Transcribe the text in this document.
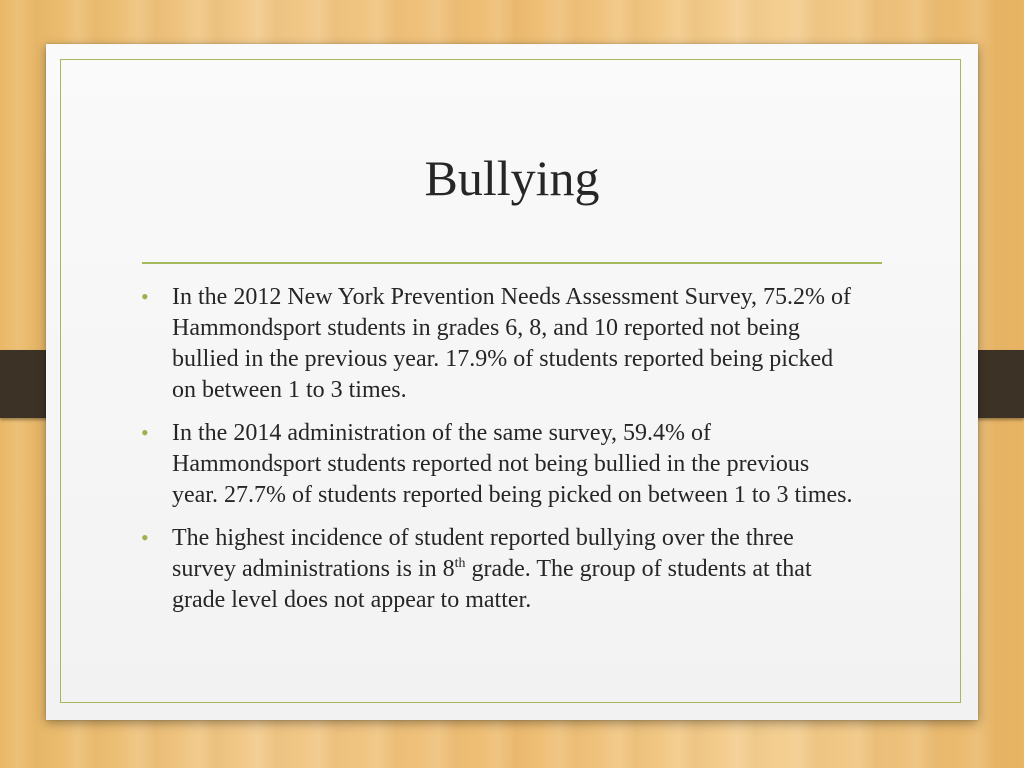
Bullying
• In the 2012 New York Prevention Needs Assessment Survey, 75.2% of Hammondsport students in grades 6, 8, and 10 reported not being bullied in the previous year. 17.9% of students reported being picked on between 1 to 3 times.
• In the 2014 administration of the same survey, 59.4% of Hammondsport students reported not being bullied in the previous year. 27.7% of students reported being picked on between 1 to 3 times.
• The highest incidence of student reported bullying over the three survey administrations is in 8th grade. The group of students at that grade level does not appear to matter.
